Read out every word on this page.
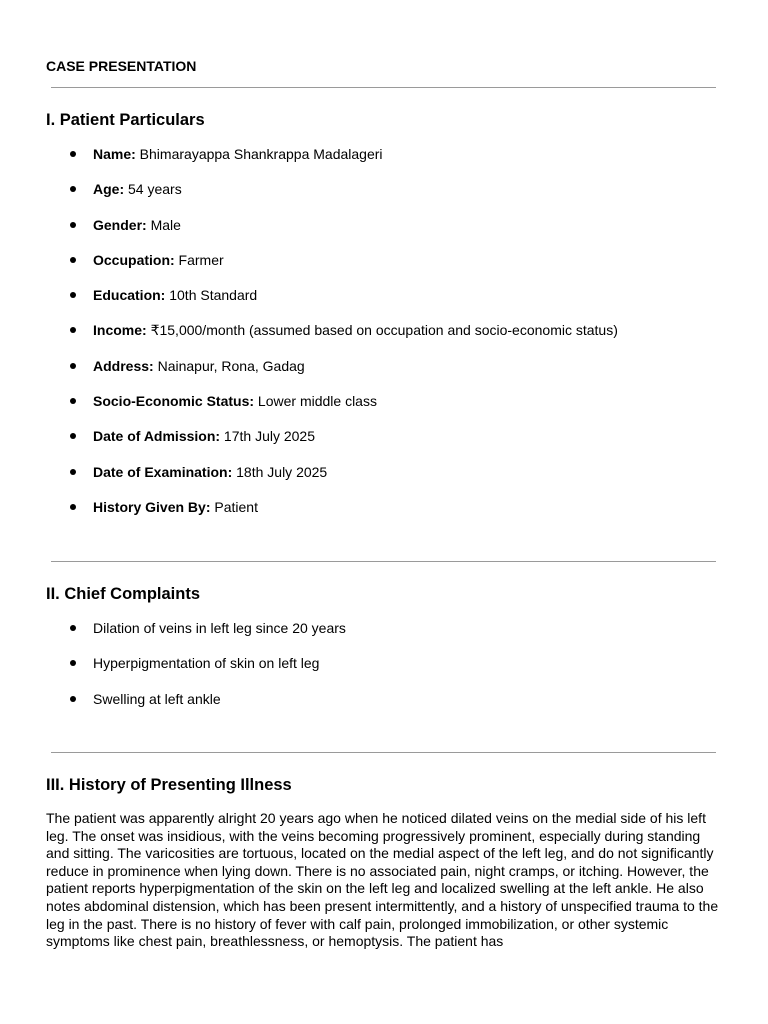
CASE PRESENTATION
I. Patient Particulars
Name: Bhimarayappa Shankrappa Madalageri
Age: 54 years
Gender: Male
Occupation: Farmer
Education: 10th Standard
Income: ₹15,000/month (assumed based on occupation and socio-economic status)
Address: Nainapur, Rona, Gadag
Socio-Economic Status: Lower middle class
Date of Admission: 17th July 2025
Date of Examination: 18th July 2025
History Given By: Patient
II. Chief Complaints
Dilation of veins in left leg since 20 years
Hyperpigmentation of skin on left leg
Swelling at left ankle
III. History of Presenting Illness

The patient was apparently alright 20 years ago when he noticed dilated veins on the medial side of his left leg. The onset was insidious, with the veins becoming progressively prominent, especially during standing and sitting. The varicosities are tortuous, located on the medial aspect of the left leg, and do not significantly reduce in prominence when lying down. There is no associated pain, night cramps, or itching. However, the patient reports hyperpigmentation of the skin on the left leg and localized swelling at the left ankle. He also notes abdominal distension, which has been present intermittently, and a history of unspecified trauma to the leg in the past. There is no history of fever with calf pain, prolonged immobilization, or other systemic symptoms like chest pain, breathlessness, or hemoptysis. The patient has
